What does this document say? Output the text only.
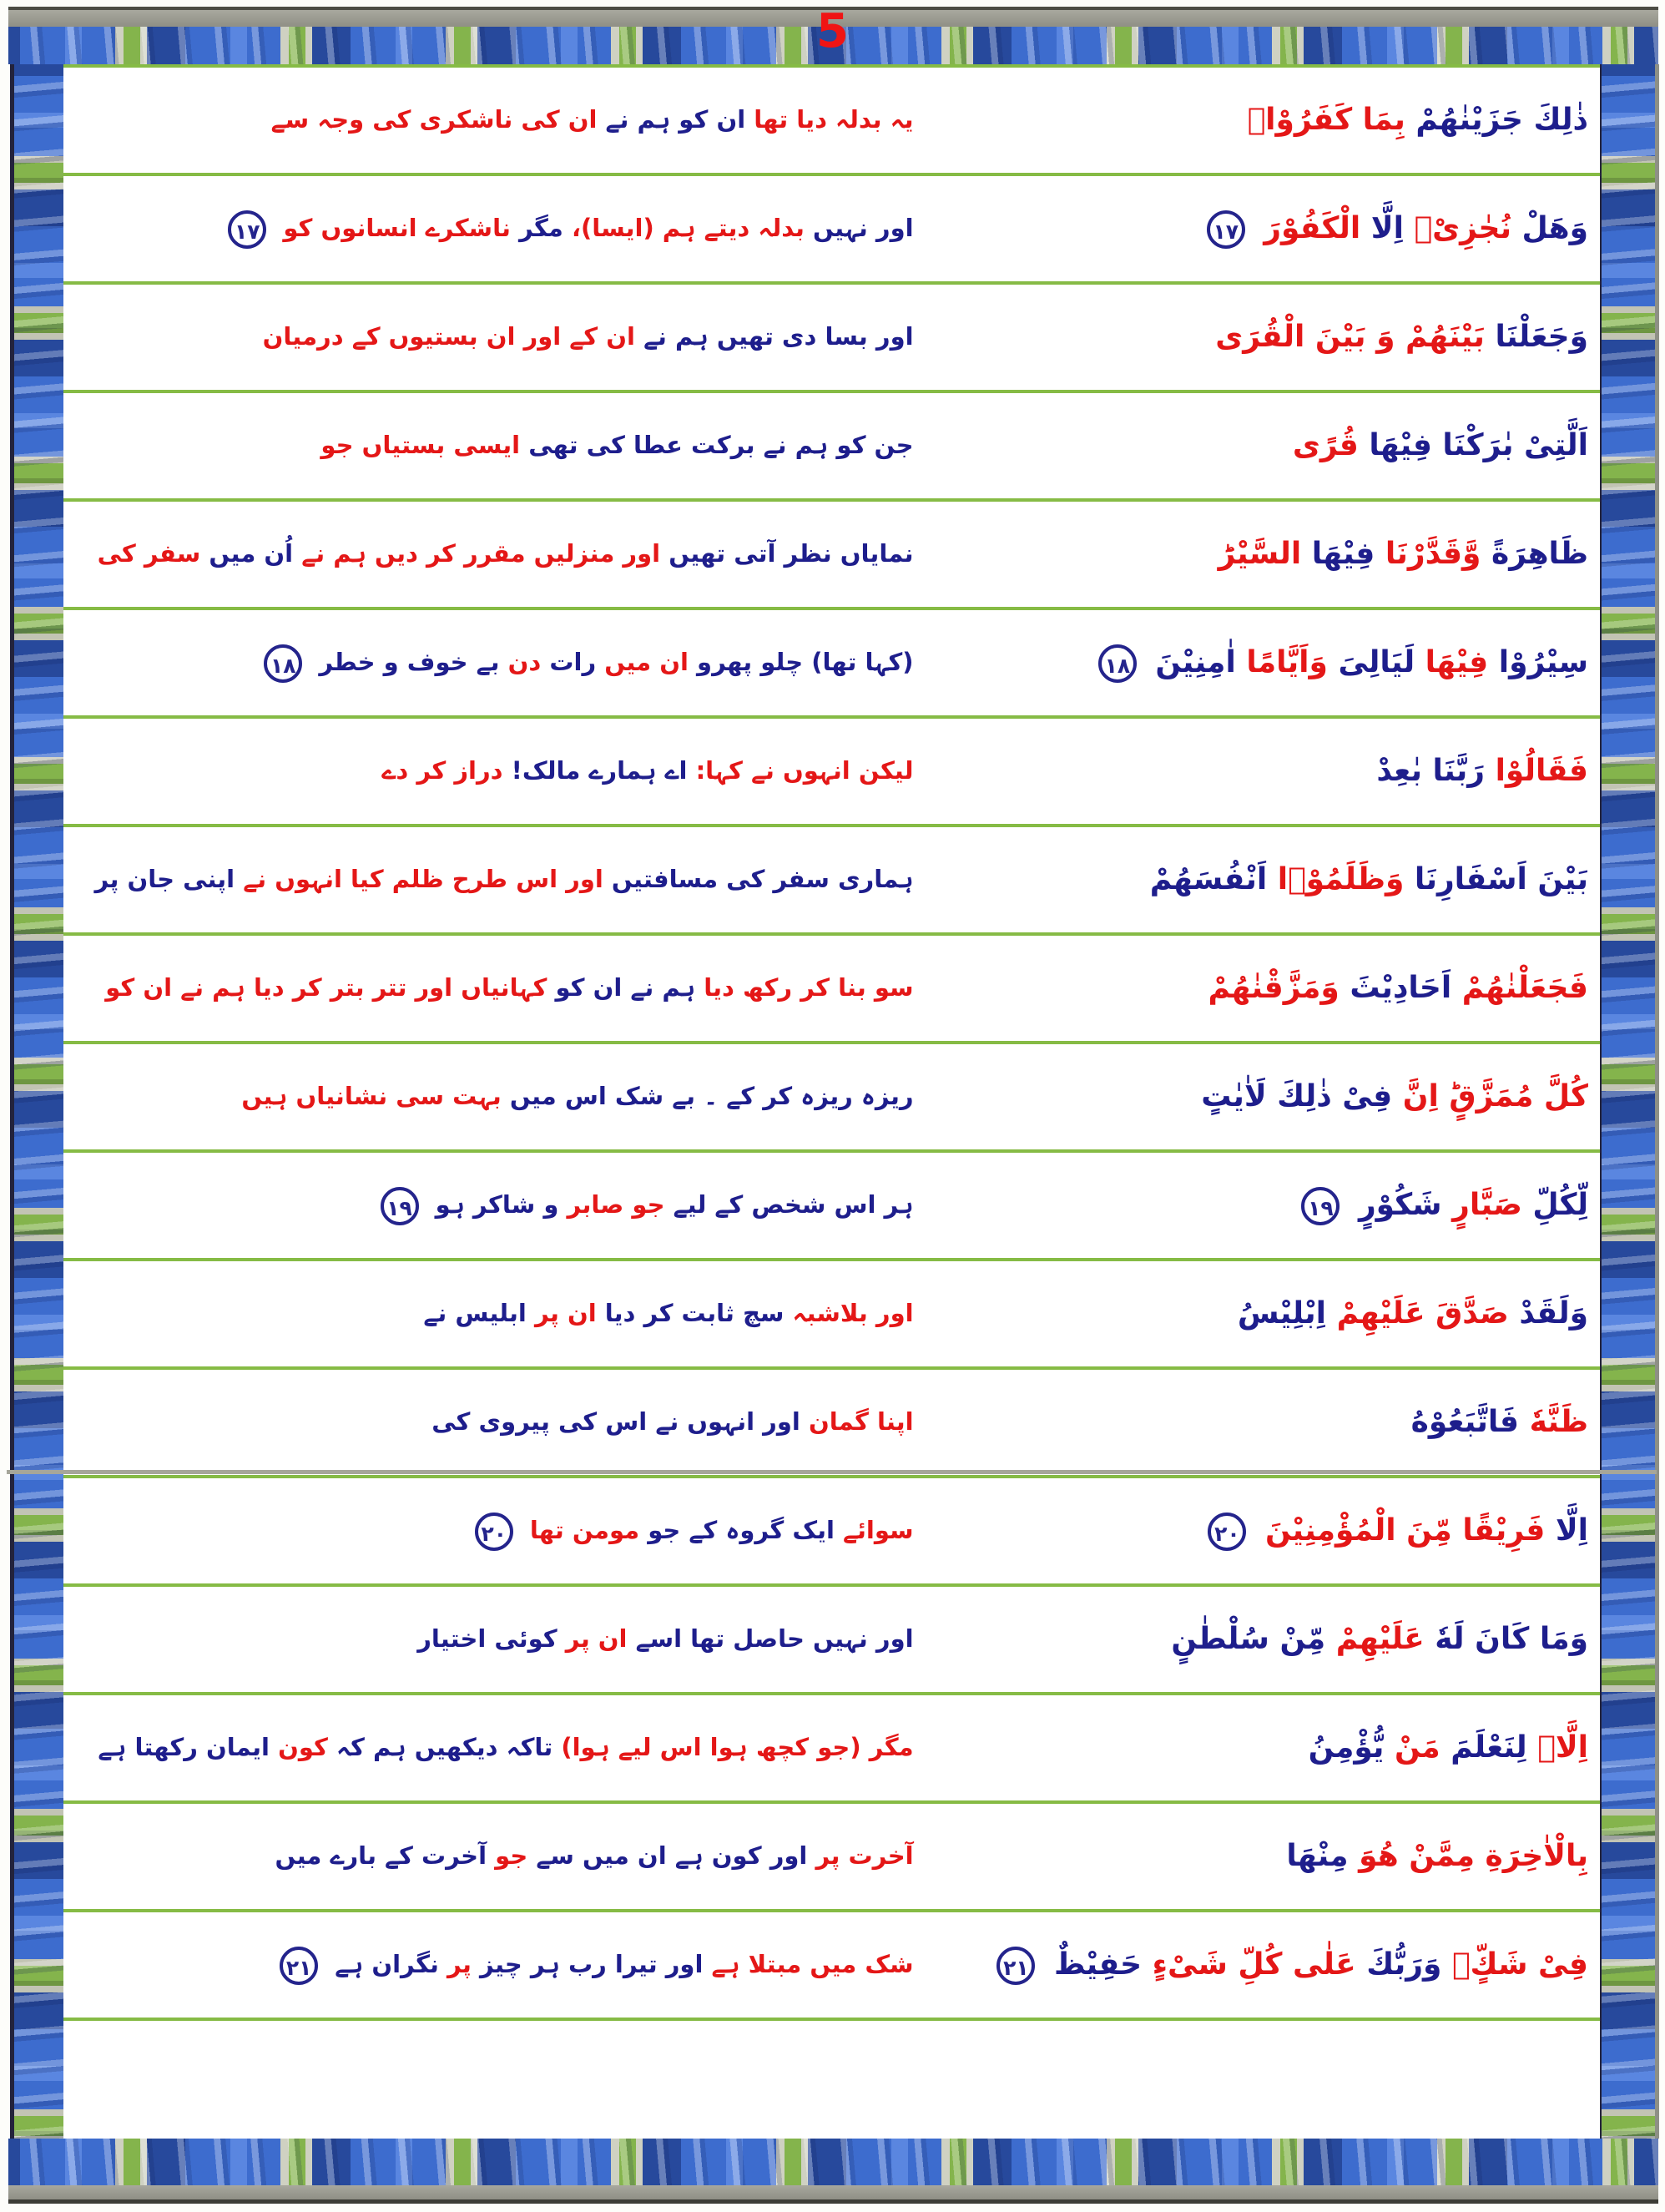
5
یہ بدلہ دیا تھا ان کو ہم نے ان کی ناشکری کی وجہ سے	ذٰلِكَ جَزَیْنٰهُمْ بِمَا كَفَرُوْاۚ
اور نہیں بدلہ دیتے ہم (ایسا)، مگر ناشکرے انسانوں کو ۱۷	وَهَلْ نُجٰزِیْۤ اِلَّا الْكَفُوْرَ ۱۷
اور بسا دی تھیں ہم نے ان کے اور ان بستیوں کے درمیان	وَجَعَلْنَا بَیْنَهُمْ وَ بَیْنَ الْقُرَی
جن کو ہم نے برکت عطا کی تھی ایسی بستیاں جو	اَلَّتِیْ بٰرَكْنَا فِیْهَا قُرًی
نمایاں نظر آتی تھیں اور منزلیں مقرر کر دیں ہم نے اُن میں سفر کی	ظَاهِرَةً وَّقَدَّرْنَا فِیْهَا السَّیْرَؕ
(کہا تھا) چلو پھرو ان میں رات دن بے خوف و خطر ۱۸	سِیْرُوْا فِیْهَا لَیَالِیَ وَاَیَّامًا اٰمِنِیْنَ ۱۸
لیکن انہوں نے کہا: اے ہمارے مالک! دراز کر دے	فَقَالُوْا رَبَّنَا بٰعِدْ
ہماری سفر کی مسافتیں اور اس طرح ظلم کیا انہوں نے اپنی جان پر	بَیْنَ اَسْفَارِنَا وَظَلَمُوْۤا اَنْفُسَهُمْ
سو بنا کر رکھ دیا ہم نے ان کو کہانیاں اور تتر بتر کر دیا ہم نے ان کو	فَجَعَلْنٰهُمْ اَحَادِیْثَ وَمَزَّقْنٰهُمْ
ریزہ ریزہ کر کے ۔ بے شک اس میں بہت سی نشانیاں ہیں	كُلَّ مُمَزَّقٍؕ اِنَّ فِیْ ذٰلِكَ لَاٰیٰتٍ
ہر اس شخص کے لیے جو صابر و شاکر ہو ۱۹	لِّكُلِّ صَبَّارٍ شَكُوْرٍ ۱۹
اور بلاشبہ سچ ثابت کر دیا ان پر ابلیس نے	وَلَقَدْ صَدَّقَ عَلَیْهِمْ اِبْلِیْسُ
اپنا گمان اور انہوں نے اس کی پیروی کی	ظَنَّهٗ فَاتَّبَعُوْهُ
سوائے ایک گروہ کے جو مومن تھا ۲۰	اِلَّا فَرِیْقًا مِّنَ الْمُؤْمِنِیْنَ ۲۰
اور نہیں حاصل تھا اسے ان پر کوئی اختیار	وَمَا كَانَ لَهٗ عَلَیْهِمْ مِّنْ سُلْطٰنٍ
مگر (جو کچھ ہوا اس لیے ہوا) تاکہ دیکھیں ہم کہ کون ایمان رکھتا ہے	اِلَّاۤ لِنَعْلَمَ مَنْ یُّؤْمِنُ
آخرت پر اور کون ہے ان میں سے جو آخرت کے بارے میں	بِالْاٰخِرَةِ مِمَّنْ هُوَ مِنْهَا
شک میں مبتلا ہے اور تیرا رب ہر چیز پر نگران ہے ۲۱	فِیْ شَكٍّۗ وَرَبُّكَ عَلٰی كُلِّ شَیْءٍ حَفِیْظٌ ۲۱
